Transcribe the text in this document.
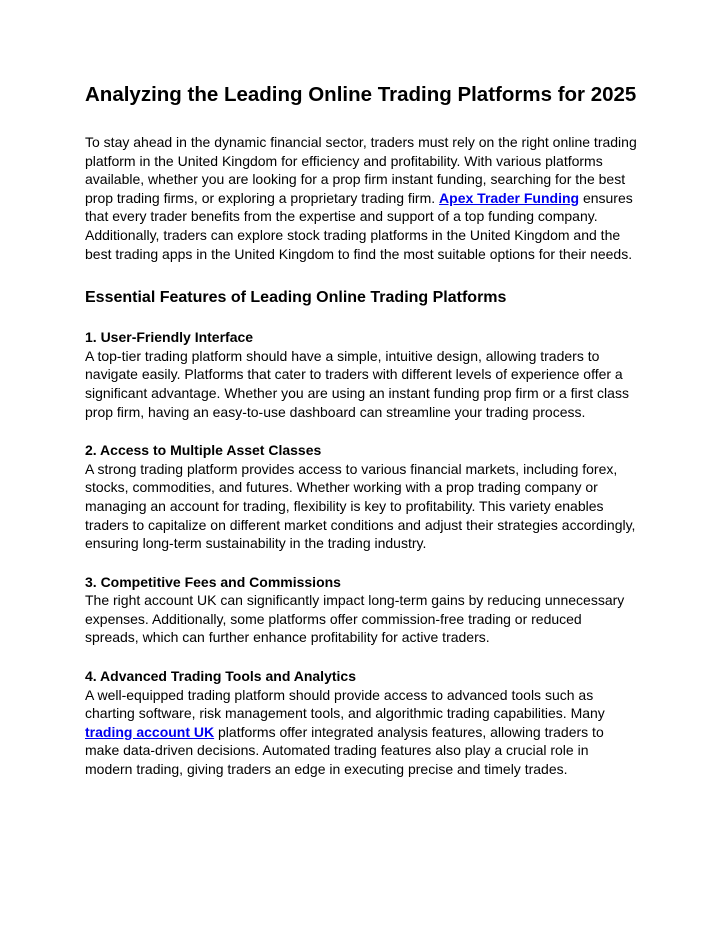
Analyzing the Leading Online Trading Platforms for 2025

To stay ahead in the dynamic financial sector, traders must rely on the right online trading platform in the United Kingdom for efficiency and profitability. With various platforms available, whether you are looking for a prop firm instant funding, searching for the best prop trading firms, or exploring a proprietary trading firm. Apex Trader Funding ensures that every trader benefits from the expertise and support of a top funding company. Additionally, traders can explore stock trading platforms in the United Kingdom and the best trading apps in the United Kingdom to find the most suitable options for their needs.

Essential Features of Leading Online Trading Platforms

1. User-Friendly Interface

A top-tier trading platform should have a simple, intuitive design, allowing traders to navigate easily. Platforms that cater to traders with different levels of experience offer a significant advantage. Whether you are using an instant funding prop firm or a first class prop firm, having an easy-to-use dashboard can streamline your trading process.

2. Access to Multiple Asset Classes

A strong trading platform provides access to various financial markets, including forex, stocks, commodities, and futures. Whether working with a prop trading company or managing an account for trading, flexibility is key to profitability. This variety enables traders to capitalize on different market conditions and adjust their strategies accordingly, ensuring long-term sustainability in the trading industry.

3. Competitive Fees and Commissions

The right account UK can significantly impact long-term gains by reducing unnecessary expenses. Additionally, some platforms offer commission-free trading or reduced spreads, which can further enhance profitability for active traders.

4. Advanced Trading Tools and Analytics

A well-equipped trading platform should provide access to advanced tools such as charting software, risk management tools, and algorithmic trading capabilities. Many trading account UK platforms offer integrated analysis features, allowing traders to make data-driven decisions. Automated trading features also play a crucial role in modern trading, giving traders an edge in executing precise and timely trades.
